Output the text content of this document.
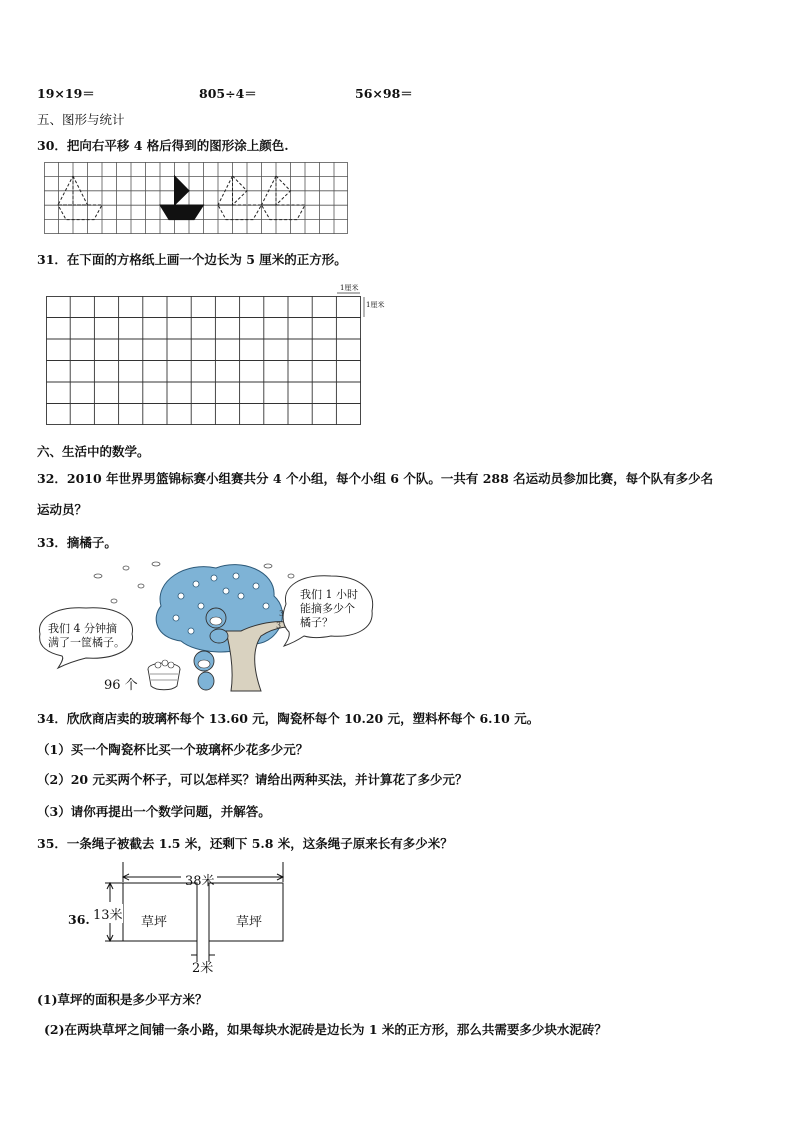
19×19＝	805÷4＝	56×98＝
五、图形与统计
30．把向右平移 4 格后得到的图形涂上颜色.
31．在下面的方格纸上画一个边长为 5 厘米的正方形。
1厘米
1厘米
六、生活中的数学。
32．2010 年世界男篮锦标赛小组赛共分 4 个小组，每个小组 6 个队。一共有 288 名运动员参加比赛，每个队有多少名
运动员？
33．摘橘子。
3
3
我们 4 分钟摘
满了一筐橘子。
我们 1 小时
能摘多少个
橘子？
96 个
34．欣欣商店卖的玻璃杯每个 13.60 元，陶瓷杯每个 10.20 元，塑料杯每个 6.10 元。
（1）买一个陶瓷杯比买一个玻璃杯少花多少元？
（2）20 元买两个杯子，可以怎样买？请给出两种买法，并计算花了多少元？
（3）请你再提出一个数学问题，并解答。
35．一条绳子被截去 1.5 米，还剩下 5.8 米，这条绳子原来长有多少米？
38米
36. 13米 草坪	草坪
2米
(1)草坪的面积是多少平方米？
(2)在两块草坪之间铺一条小路，如果每块水泥砖是边长为 1 米的正方形，那么共需要多少块水泥砖？
